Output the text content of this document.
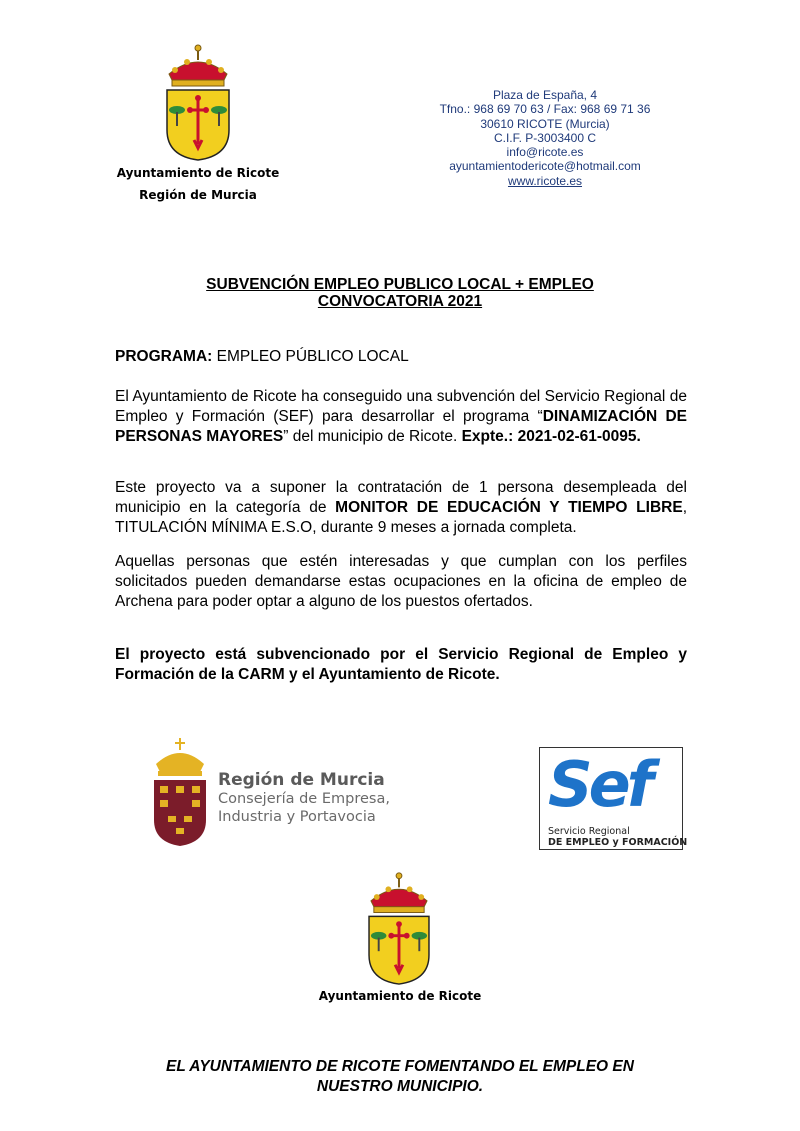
Ayuntamiento de Ricote
Región de Murcia
Plaza de España, 4
Tfno.: 968 69 70 63 / Fax: 968 69 71 36
30610 RICOTE (Murcia)
C.I.F. P-3003400 C
info@ricote.es
ayuntamientodericote@hotmail.com
www.ricote.es
SUBVENCIÓN EMPLEO PUBLICO LOCAL + EMPLEO
CONVOCATORIA 2021
PROGRAMA: EMPLEO PÚBLICO LOCAL
El Ayuntamiento de Ricote ha conseguido una subvención del Servicio Regional de Empleo y Formación (SEF) para desarrollar el programa “DINAMIZACIÓN DE PERSONAS MAYORES” del municipio de Ricote. Expte.: 2021-02-61-0095.
Este proyecto va a suponer la contratación de 1 persona desempleada del municipio en la categoría de MONITOR DE EDUCACIÓN Y TIEMPO LIBRE, TITULACIÓN MÍNIMA E.S.O, durante 9 meses a jornada completa.
Aquellas personas que estén interesadas y que cumplan con los perfiles solicitados pueden demandarse estas ocupaciones en la oficina de empleo de Archena para poder optar a alguno de los puestos ofertados.
El proyecto está subvencionado por el Servicio Regional de Empleo y Formación de la CARM y el Ayuntamiento de Ricote.
Región de Murcia
Consejería de Empresa,
Industria y Portavocia	Sef
Servicio Regional
DE EMPLEO y FORMACIÓN
Ayuntamiento de Ricote
EL AYUNTAMIENTO DE RICOTE FOMENTANDO EL EMPLEO EN
NUESTRO MUNICIPIO.
